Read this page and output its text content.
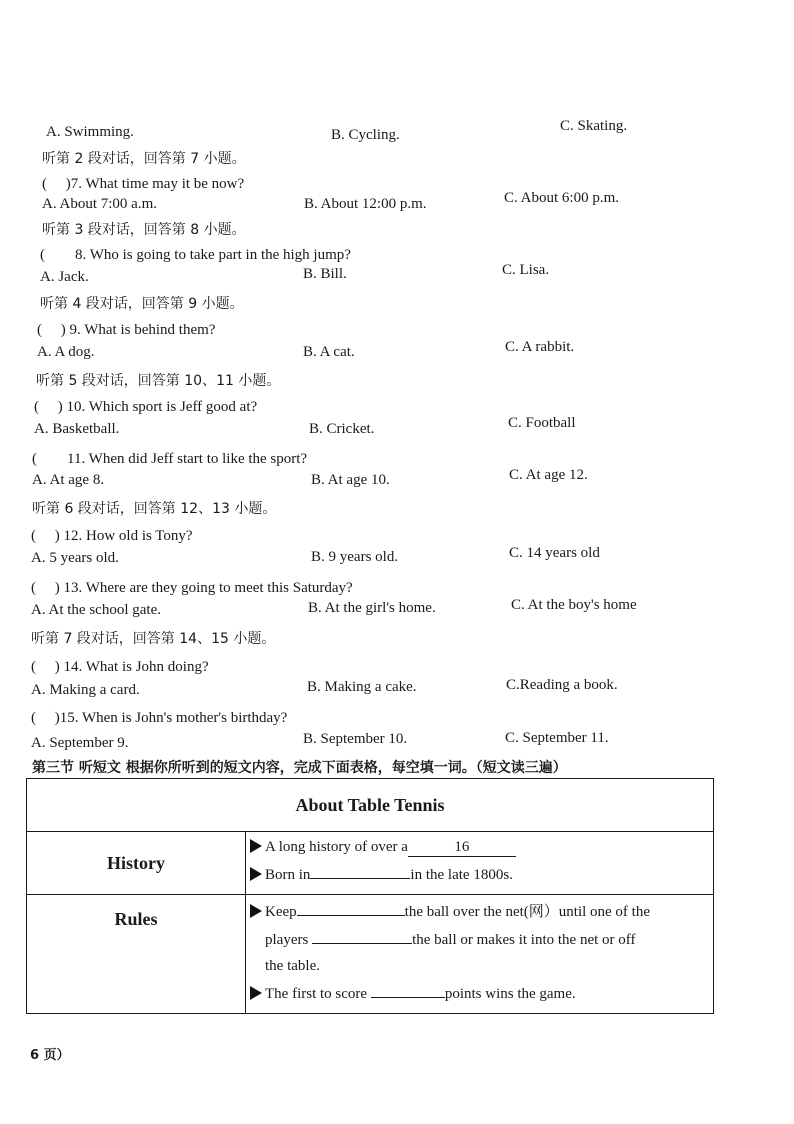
A. Swimming.	B. Cycling.
C. Skating.
听第 2 段对话，回答第 7 小题。
(　 )7. What time may it be now?
A. About 7:00 a.m.	B. About 12:00 p.m.	C. About 6:00 p.m.
听第 3 段对话，回答第 8 小题。
(　　8. Who is going to take part in the high jump?
A. Jack.	B. Bill.	C. Lisa.
听第 4 段对话，回答第 9 小题。
(　 ) 9. What is behind them?
A. A dog.	B. A cat.	C. A rabbit.
听第 5 段对话，回答第 10、11 小题。
(　 ) 10. Which sport is Jeff good at?
A. Basketball.	B. Cricket.	C. Football
(　　11. When did Jeff start to like the sport?
A. At age 8.	B. At age 10.	C. At age 12.
听第 6 段对话，回答第 12、13 小题。
(　 ) 12. How old is Tony?
A. 5 years old.	B. 9 years old.	C. 14 years old
(　 ) 13. Where are they going to meet this Saturday?
A. At the school gate.	B. At the girl's home.	C. At the boy's home
听第 7 段对话，回答第 14、15 小题。
(　 ) 14. What is John doing?
A. Making a card.	B. Making a cake.	C.Reading a book.
(　 )15. When is John's mother's birthday?
A. September 9.	B. September 10.	C. September 11.
第三节 听短文 根据你所听到的短文内容，完成下面表格，每空填一词。（短文读三遍）
About Table Tennis	
History	A long history of over a 16
Born in in the late 1800s.

Rules	Keep the ball over the net(网）until one of the
players the ball or makes it into the net or off
the table.
The first to score points wins the game.
6 页）
